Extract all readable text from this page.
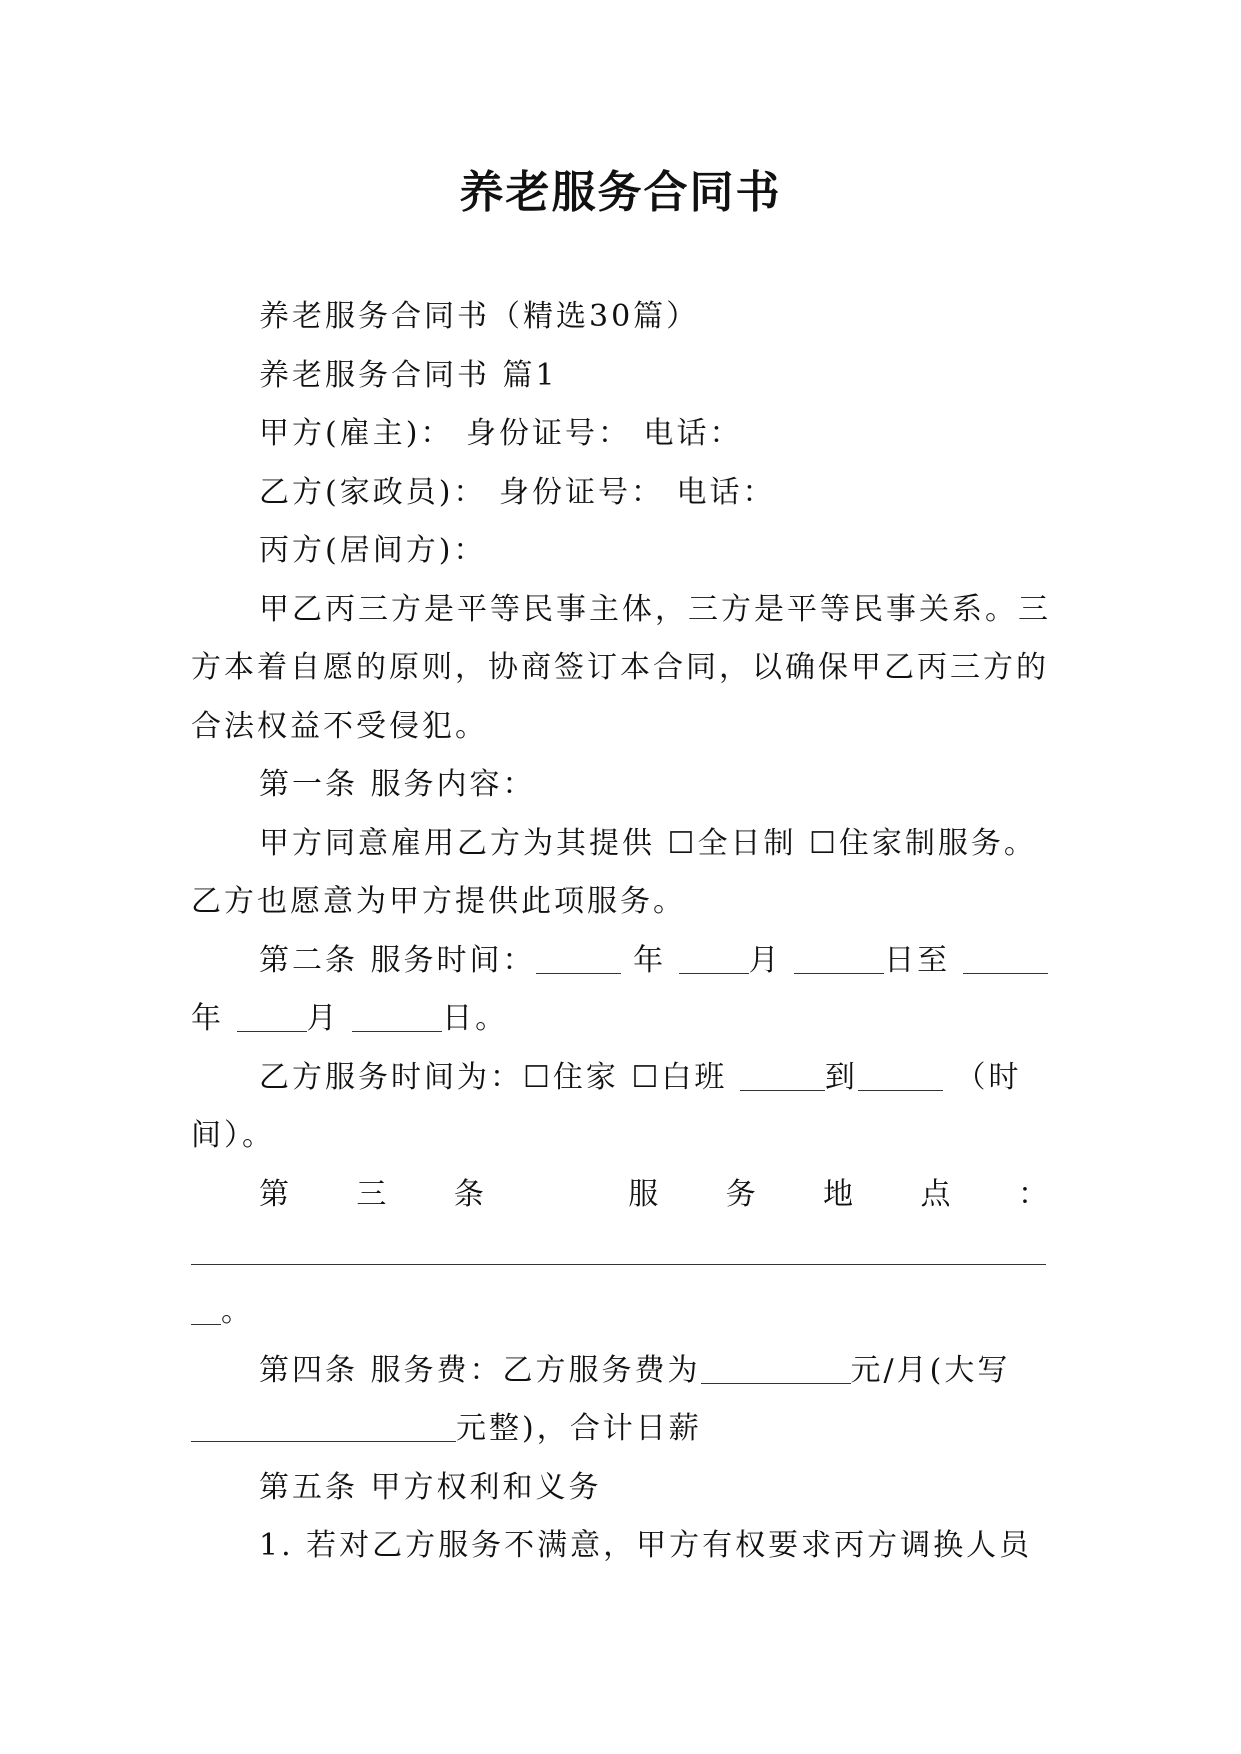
养老服务合同书

养老服务合同书（精选30篇）

养老服务合同书 篇1

甲方(雇主)： 身份证号： 电话：

乙方(家政员)： 身份证号： 电话：

丙方(居间方)：

甲乙丙三方是平等民事主体，三方是平等民事关系。三方本着自愿的原则，协商签订本合同，以确保甲乙丙三方的合法权益不受侵犯。

第一条 服务内容：

甲方同意雇用乙方为其提供 ☐全日制 ☐住家制服务。乙方也愿意为甲方提供此项服务。

第二条 服务时间：	年	月	日至  年	月	日。

乙方服务时间为：☐住家 ☐白班	到	（时间）。

第三条 服务地点：

。

第四条 服务费：乙方服务费为	元/月(大写 元整)，合计日薪

第五条 甲方权利和义务

1. 若对乙方服务不满意，甲方有权要求丙方调换人员
